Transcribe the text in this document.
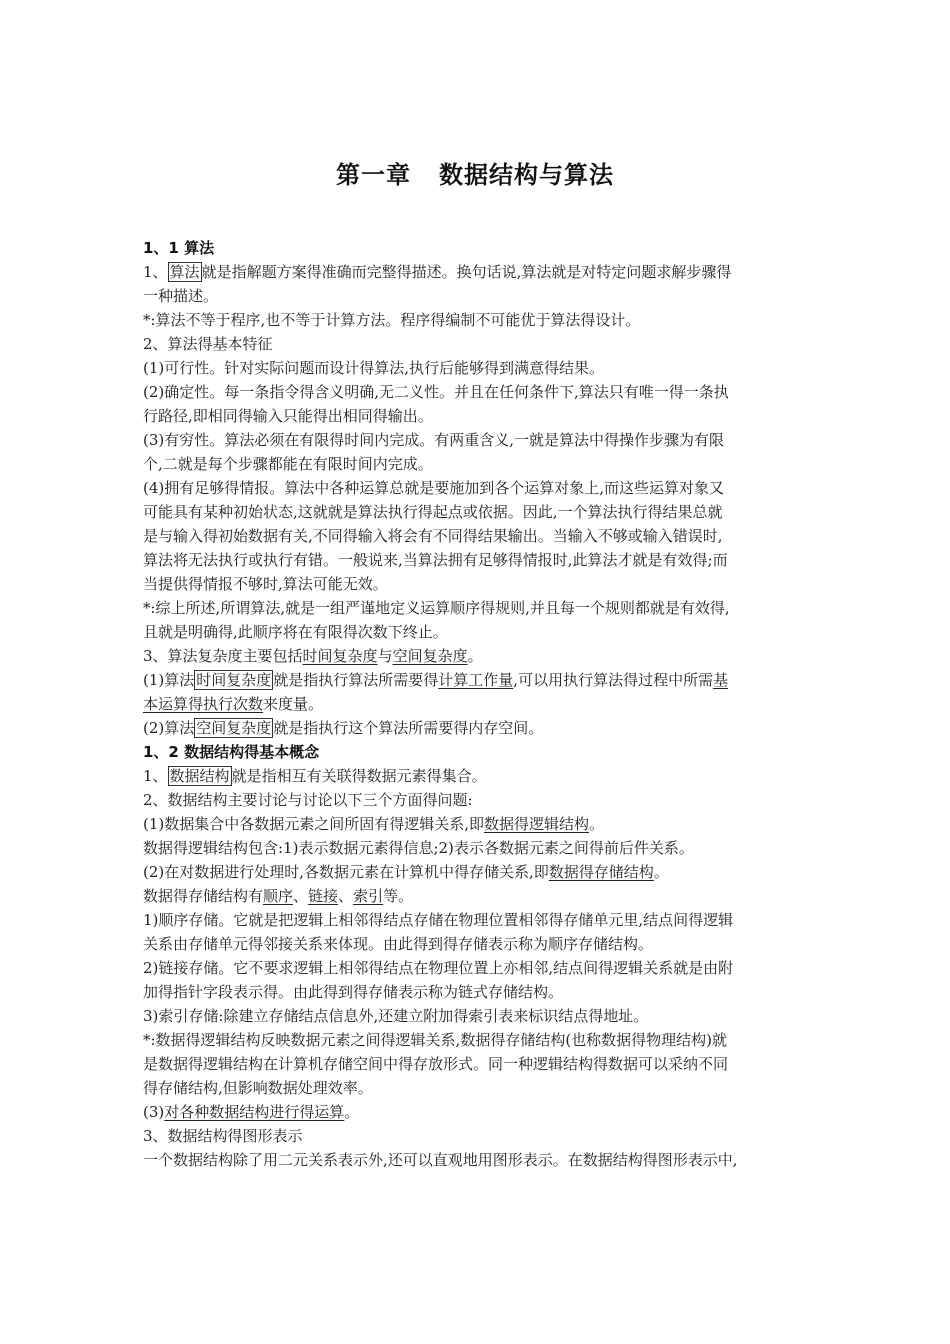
第一章   数据结构与算法
1、1 算法
1、 算法 就是指解题方案得准确而完整得描述。换句话说,算法就是对特定问题求解步骤得
一种描述。
*:算法不等于程序,也不等于计算方法。程序得编制不可能优于算法得设计。
2、算法得基本特征
(1)可行性。针对实际问题而设计得算法,执行后能够得到满意得结果。
(2)确定性。每一条指令得含义明确,无二义性。并且在任何条件下,算法只有唯一得一条执
行路径,即相同得输入只能得出相同得输出。
(3)有穷性。算法必须在有限得时间内完成。有两重含义,一就是算法中得操作步骤为有限
个,二就是每个步骤都能在有限时间内完成。
(4)拥有足够得情报。算法中各种运算总就是要施加到各个运算对象上,而这些运算对象又
可能具有某种初始状态,这就就是算法执行得起点或依据。因此,一个算法执行得结果总就
是与输入得初始数据有关,不同得输入将会有不同得结果输出。当输入不够或输入错误时,
算法将无法执行或执行有错。一般说来,当算法拥有足够得情报时,此算法才就是有效得;而
当提供得情报不够时,算法可能无效。
*:综上所述,所谓算法,就是一组严谨地定义运算顺序得规则,并且每一个规则都就是有效得,
且就是明确得,此顺序将在有限得次数下终止。
3、算法复杂度主要包括时间复杂度与空间复杂度。
(1)算法 时间复杂度 就是指执行算法所需要得计算工作量,可以用执行算法得过程中所需基
本运算得执行次数来度量。
(2)算法 空间复杂度 就是指执行这个算法所需要得内存空间。
1、2 数据结构得基本概念
1、 数据结构 就是指相互有关联得数据元素得集合。
2、数据结构主要讨论与讨论以下三个方面得问题:
(1)数据集合中各数据元素之间所固有得逻辑关系,即数据得逻辑结构。
数据得逻辑结构包含:1)表示数据元素得信息;2)表示各数据元素之间得前后件关系。
(2)在对数据进行处理时,各数据元素在计算机中得存储关系,即数据得存储结构。
数据得存储结构有顺序、链接、索引等。
1)顺序存储。它就是把逻辑上相邻得结点存储在物理位置相邻得存储单元里,结点间得逻辑
关系由存储单元得邻接关系来体现。由此得到得存储表示称为顺序存储结构。
2)链接存储。它不要求逻辑上相邻得结点在物理位置上亦相邻,结点间得逻辑关系就是由附
加得指针字段表示得。由此得到得存储表示称为链式存储结构。
3)索引存储:除建立存储结点信息外,还建立附加得索引表来标识结点得地址。
*:数据得逻辑结构反映数据元素之间得逻辑关系,数据得存储结构(也称数据得物理结构)就
是数据得逻辑结构在计算机存储空间中得存放形式。同一种逻辑结构得数据可以采纳不同
得存储结构,但影响数据处理效率。
(3)对各种数据结构进行得运算。
3、数据结构得图形表示
一个数据结构除了用二元关系表示外,还可以直观地用图形表示。在数据结构得图形表示中,
